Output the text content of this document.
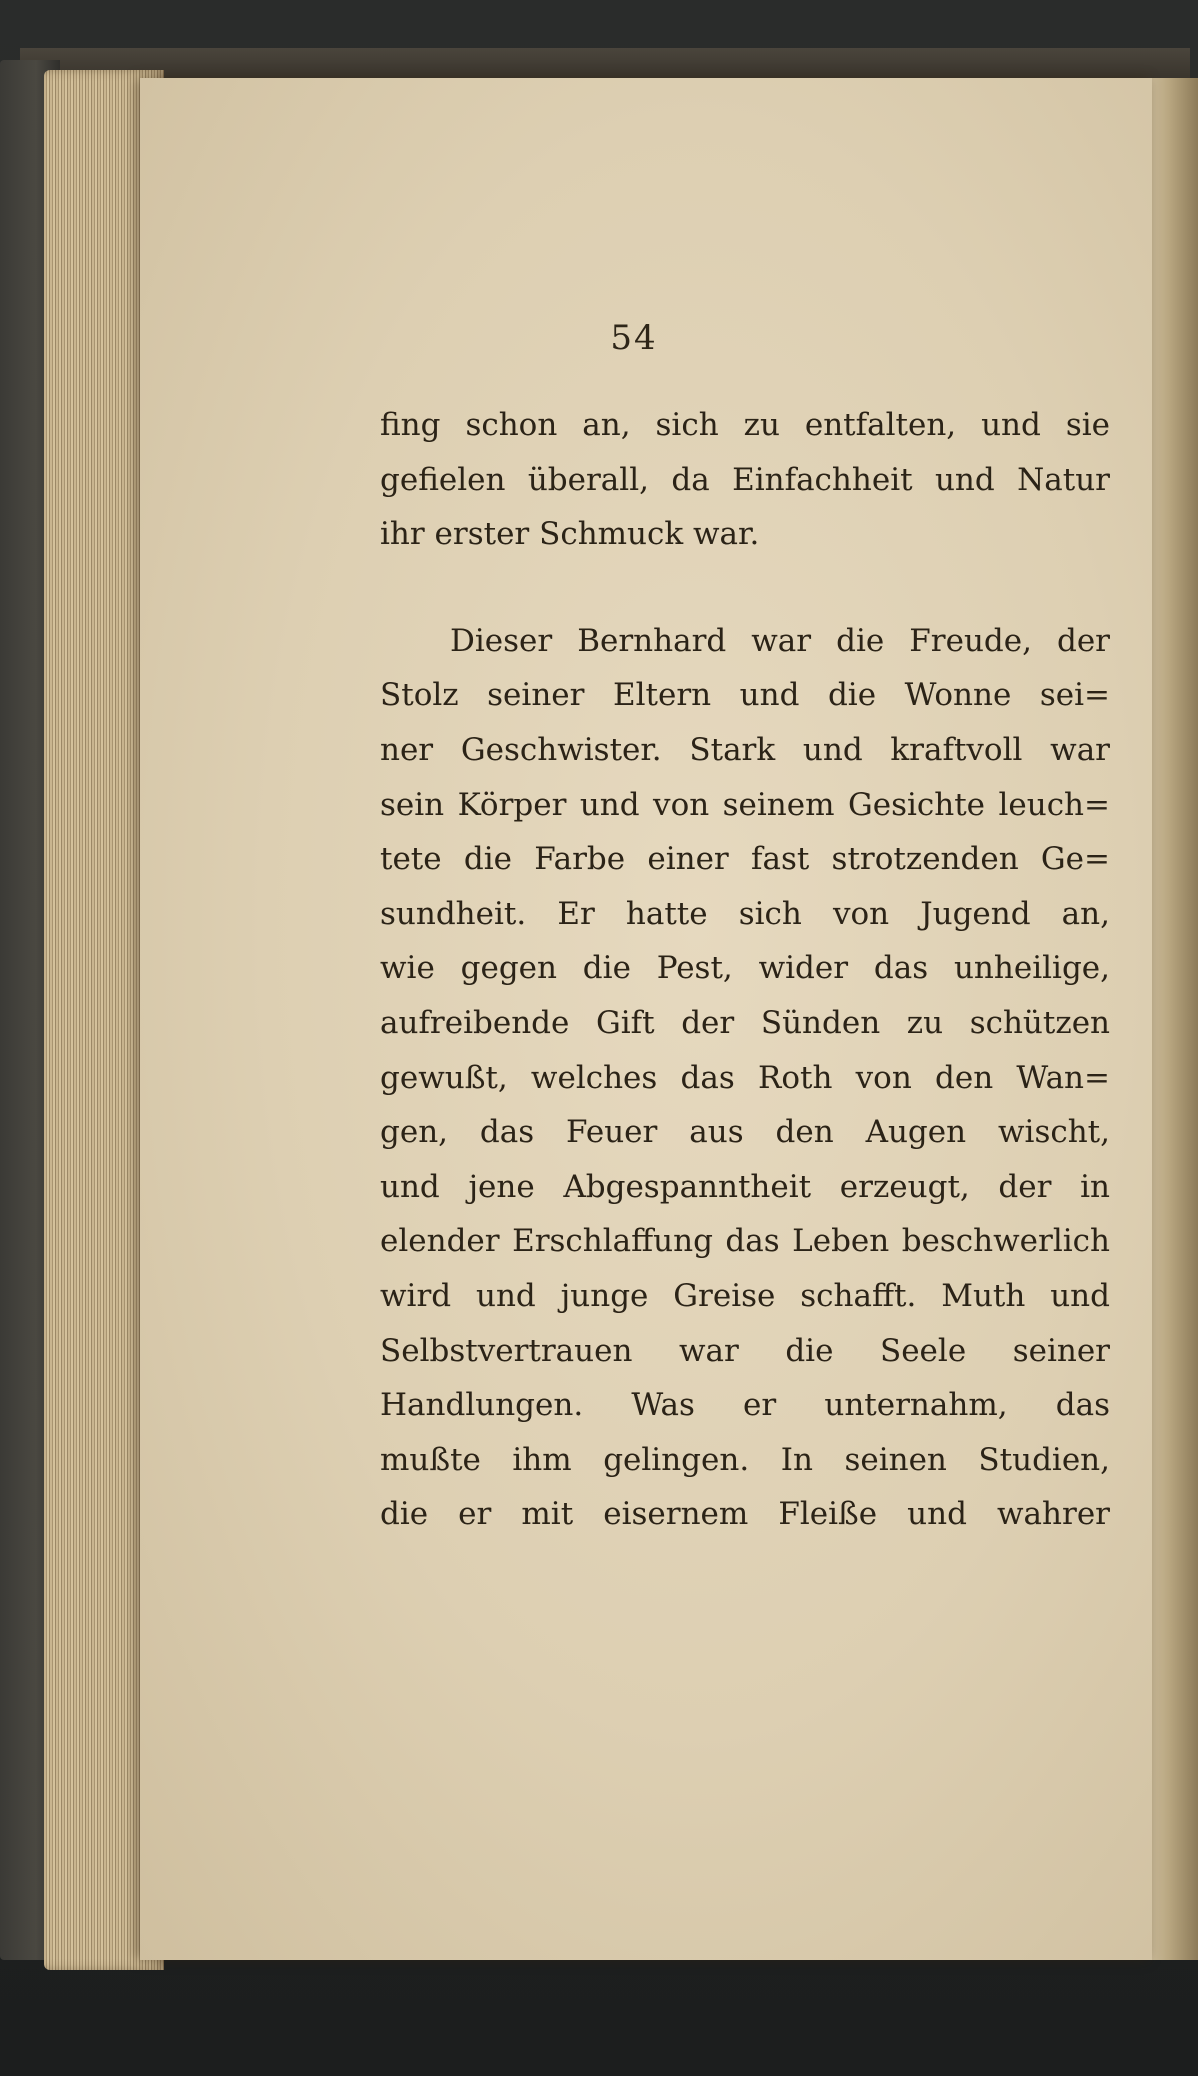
54
fing schon an, sich zu entfalten, und sie
gefielen überall, da Einfachheit und Natur
ihr erster Schmuck war.
Dieser Bernhard war die Freude, der
Stolz seiner Eltern und die Wonne sei=
ner Geschwister. Stark und kraftvoll war
sein Körper und von seinem Gesichte leuch=
tete die Farbe einer fast strotzenden Ge=
sundheit. Er hatte sich von Jugend an,
wie gegen die Pest, wider das unheilige,
aufreibende Gift der Sünden zu schützen
gewußt, welches das Roth von den Wan=
gen, das Feuer aus den Augen wischt,
und jene Abgespanntheit erzeugt, der in
elender Erschlaffung das Leben beschwerlich
wird und junge Greise schafft. Muth und
Selbstvertrauen war die Seele seiner
Handlungen. Was er unternahm, das
mußte ihm gelingen. In seinen Studien,
die er mit eisernem Fleiße und wahrer
